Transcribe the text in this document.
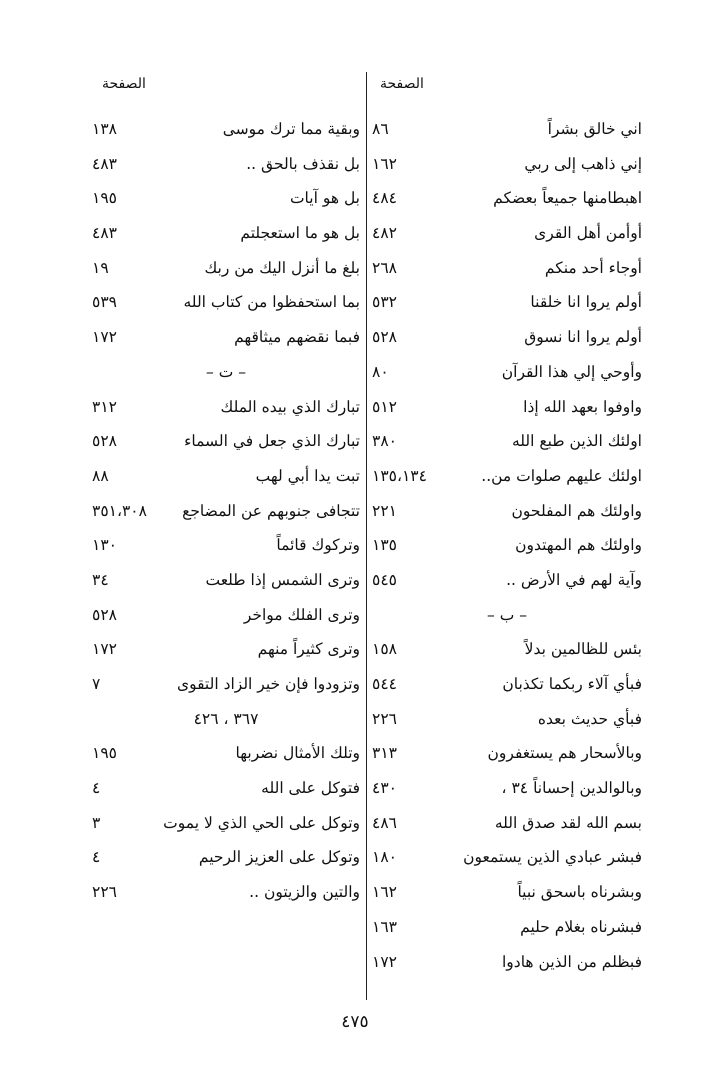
الصفحة
اني خالق بشراً
٨٦
إني ذاهب إلى ربي
١٦٢
اهبطامنها جميعاً بعضكم
٤٨٤
أوأمن أهل القرى
٤٨٢
أوجاء أحد منكم
٢٦٨
أولم يروا انا خلقنا
٥٣٢
أولم يروا انا نسوق
٥٢٨
وأوحي إلي هذا القرآن
٨٠
واوفوا بعهد الله إذا
٥١٢
اولئك الذين طبع الله
٣٨٠
اولئك عليهم صلوات من..
١٣٥،١٣٤
واولئك هم المفلحون
٢٢١
واولئك هم المهتدون
١٣٥
وآية لهم في الأرض ..
٥٤٥
– ب –
بئس للظالمين بدلاً
١٥٨
فبأي آلاء ربكما تكذبان
٥٤٤
فبأي حديث بعده
٢٢٦
وبالأسحار هم يستغفرون
٣١٣
وبالوالدين إحساناً ٣٤ ،
٤٣٠
بسم الله لقد صدق الله
٤٨٦
فبشر عبادي الذين يستمعون
١٨٠
وبشرناه باسحق نبياً
١٦٢
فبشرناه بغلام حليم
١٦٣
فبظلم من الذين هادوا
١٧٢
الصفحة
وبقية مما ترك موسى
١٣٨
بل نقذف بالحق ..
٤٨٣
بل هو آيات
١٩٥
بل هو ما استعجلتم
٤٨٣
بلغ ما أنزل اليك من ربك
١٩
بما استحفظوا من كتاب الله
٥٣٩
فبما نقضهم ميثاقهم
١٧٢
– ت –
تبارك الذي بيده الملك
٣١٢
تبارك الذي جعل في السماء
٥٢٨
تبت يدا أبي لهب
٨٨
تتجافى جنوبهم عن المضاجع
٣٥١،٣٠٨
وتركوك قائماً
١٣٠
وترى الشمس إذا طلعت
٣٤
وترى الفلك مواخر
٥٢٨
وترى كثيراً منهم
١٧٢
وتزودوا فإن خير الزاد التقوى
٧
٣٦٧ ، ٤٢٦
وتلك الأمثال نضربها
١٩٥
فتوكل على الله
٤
وتوكل على الحي الذي لا يموت
٣
وتوكل على العزيز الرحيم
٤
والتين والزيتون ..
٢٢٦
٤٧٥
